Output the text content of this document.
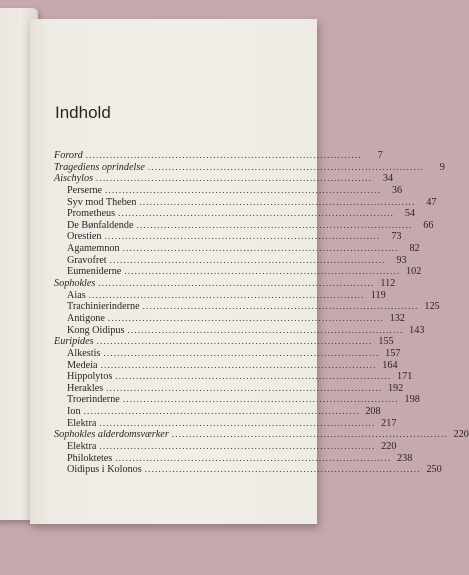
Indhold
Forord ................................................................................	7
Tragediens oprindelse ................................................................................	9
Aischylos ................................................................................	34
Perserne ................................................................................	36
Syv mod Theben ................................................................................	47
Prometheus ................................................................................	54
De Bønfaldende ................................................................................	66
Orestien ................................................................................	73
Agamemnon ................................................................................	82
Gravofret ................................................................................	93
Eumeniderne ................................................................................ 102
Sophokles ................................................................................ 112
Aias ................................................................................ 119
Trachinierinderne ................................................................................ 125
Antigone ................................................................................ 132
Kong Oidipus ................................................................................ 143
Euripides ................................................................................ 155
Alkestis ................................................................................ 157
Medeia ................................................................................ 164
Hippolytos ................................................................................ 171
Herakles ................................................................................ 192
Troerinderne ................................................................................ 198
Ion ................................................................................ 208
Elektra ................................................................................ 217
Sophokles alderdomsværker ................................................................................ 220
Elektra ................................................................................ 220
Philoktetes ................................................................................ 238
Oidipus i Kolonos ................................................................................ 250
